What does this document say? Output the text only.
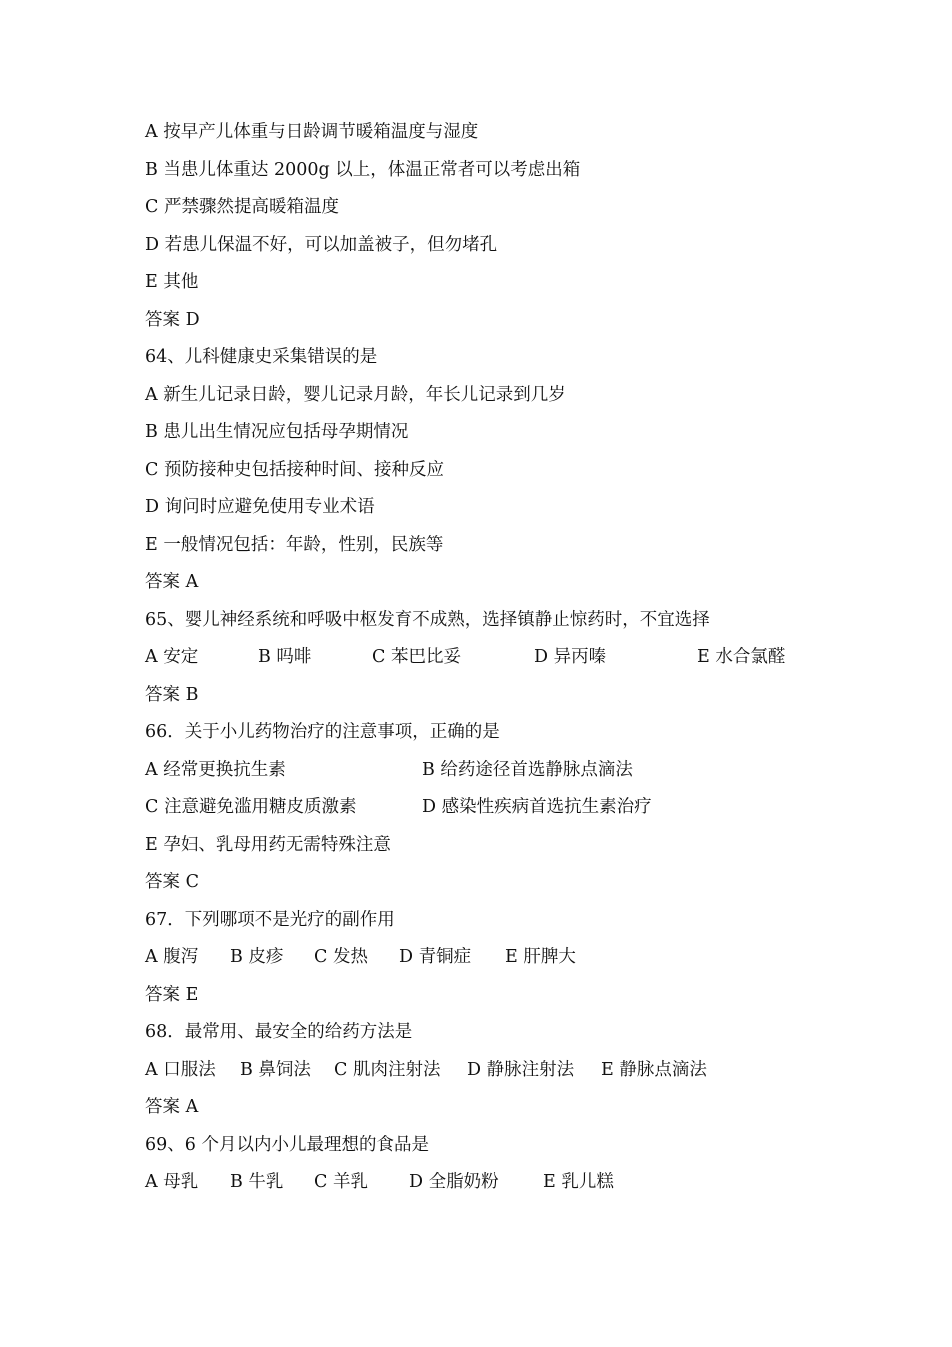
A 按早产儿体重与日龄调节暖箱温度与湿度
B 当患儿体重达 2000g 以上，体温正常者可以考虑出箱
C 严禁骤然提高暖箱温度
D 若患儿保温不好，可以加盖被子，但勿堵孔
E 其他
答案 D
64、儿科健康史采集错误的是
A 新生儿记录日龄，婴儿记录月龄，年长儿记录到几岁
B 患儿出生情况应包括母孕期情况
C 预防接种史包括接种时间、接种反应
D 询问时应避免使用专业术语
E 一般情况包括：年龄，性别，民族等
答案 A
65、婴儿神经系统和呼吸中枢发育不成熟，选择镇静止惊药时，不宜选择
A 安定	B 吗啡	C 苯巴比妥	D 异丙嗪	E 水合氯醛
答案 B
66．关于小儿药物治疗的注意事项，正确的是
A 经常更换抗生素	B 给药途径首选静脉点滴法
C 注意避免滥用糖皮质激素	D 感染性疾病首选抗生素治疗
E 孕妇、乳母用药无需特殊注意
答案 C
67．下列哪项不是光疗的副作用
A 腹泻 B 皮疹 C 发热 D 青铜症 E 肝脾大
答案 E
68．最常用、最安全的给药方法是
A 口服法 B 鼻饲法 C 肌肉注射法 D 静脉注射法 E 静脉点滴法
答案 A
69、6 个月以内小儿最理想的食品是
A 母乳 B 牛乳 C 羊乳 D 全脂奶粉	E 乳儿糕
